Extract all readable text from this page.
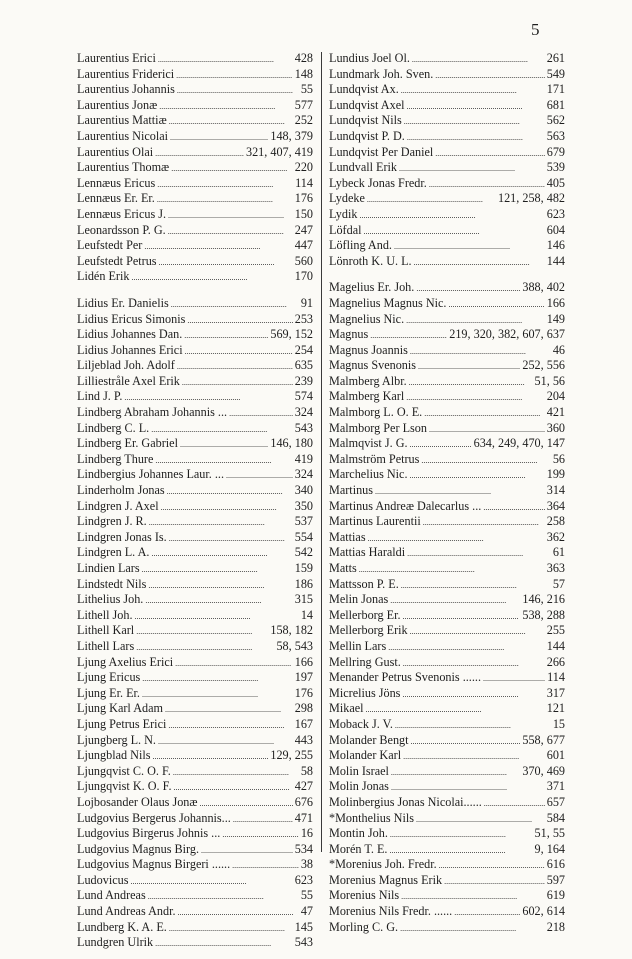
5
Laurentius Erici . . .	428
Laurentius Friderici . . .	148
Laurentius Johannis . . .	55
Laurentius Jonæ . . .	577
Laurentius Mattiæ . . .	252
Laurentius Nicolai . . .	148, 379
Laurentius Olai . . .	321, 407, 419
Laurentius Thomæ . . .	220
Lennæus Ericus . . .	114
Lennæus Er. Er. . . .	176
Lennæus Ericus J. . . .	150
Leonardsson P. G. . . .	247
Leufstedt Per . . .	447
Leufstedt Petrus . . .	560
Lidén Erik . . .	170
Lidius Er. Danielis . . .	91
Lidius Ericus Simonis . . .	253
Lidius Johannes Dan. . . .	569, 152
Lidius Johannes Erici . . .	254
Liljeblad Joh. Adolf . . .	635
Lilliestråle Axel Erik . . .	239
Lind J. P. . . .	574
Lindberg Abraham Johannis ... . . .	324
Lindberg C. L. . . .	543
Lindberg Er. Gabriel . . .	146, 180
Lindberg Thure . . .	419
Lindbergius Johannes Laur. ... . . .	324
Linderholm Jonas . . .	340
Lindgren J. Axel . . .	350
Lindgren J. R. . . .	537
Lindgren Jonas Is. . . .	554
Lindgren L. A. . . .	542
Lindien Lars . . .	159
Lindstedt Nils . . .	186
Lithelius Joh. . . .	315
Lithell Joh. . . .	14
Lithell Karl . . .	158, 182
Lithell Lars . . .	58, 543
Ljung Axelius Erici . . .	166
Ljung Ericus . . .	197
Ljung Er. Er. . . .	176
Ljung Karl Adam . . .	298
Ljung Petrus Erici . . .	167
Ljungberg L. N. . . .	443
Ljungblad Nils . . .	129, 255
Ljungqvist C. O. F. . . .	58
Ljungqvist K. O. F. . . .	427
Lojbosander Olaus Jonæ . . .	676
Ludgovius Bergerus Johannis... . . .	471
Ludgovius Birgerus Johnis ... . . .	16
Ludgovius Magnus Birg. . . .	534
Ludgovius Magnus Birgeri ...... . . .	38
Ludovicus . . .	623
Lund Andreas . . .	55
Lund Andreas Andr. . . .	47
Lundberg K. A. E. . . .	145
Lundgren Ulrik . . .	543
Lundius Joel Ol. . . .	261
Lundmark Joh. Sven. . . .	549
Lundqvist Ax. . . .	171
Lundqvist Axel . . .	681
Lundqvist Nils . . .	562
Lundqvist P. D. . . .	563
Lundqvist Per Daniel . . .	679
Lundvall Erik . . .	539
Lybeck Jonas Fredr. . . .	405
Lydeke . . .	121, 258, 482
Lydik . . .	623
Löfdal . . .	604
Löfling And. . . .	146
Lönroth K. U. L. . . .	144
Magelius Er. Joh. . . .	388, 402
Magnelius Magnus Nic. . . .	166
Magnelius Nic. . . .	149
Magnus . . .	219, 320, 382, 607, 637
Magnus Joannis . . .	46
Magnus Svenonis . . .	252, 556
Malmberg Albr. . . .	51, 56
Malmberg Karl . . .	204
Malmborg L. O. E. . . .	421
Malmborg Per Lson . . .	360
Malmqvist J. G. . . .	634, 249, 470, 147
Malmström Petrus . . .	56
Marchelius Nic. . . .	199
Martinus . . .	314
Martinus Andreæ Dalecarlus ... . . .	364
Martinus Laurentii . . .	258
Mattias . . .	362
Mattias Haraldi . . .	61
Matts . . .	363
Mattsson P. E. . . .	57
Melin Jonas . . .	146, 216
Mellerborg Er. . . .	538, 288
Mellerborg Erik . . .	255
Mellin Lars . . .	144
Mellring Gust. . . .	266
Menander Petrus Svenonis ...... . . .	114
Micrelius Jöns . . .	317
Mikael . . .	121
Moback J. V. . . .	15
Molander Bengt . . .	558, 677
Molander Karl . . .	601
Molin Israel . . .	370, 469
Molin Jonas . . .	371
Molinbergius Jonas Nicolai...... . . .	657
*Monthelius Nils . . .	584
Montin Joh. . . .	51, 55
Morén T. E. . . .	9, 164
*Morenius Joh. Fredr. . . .	616
Morenius Magnus Erik . . .	597
Morenius Nils . . .	619
Morenius Nils Fredr. ...... . . .	602, 614
Morling C. G. . . .	218
